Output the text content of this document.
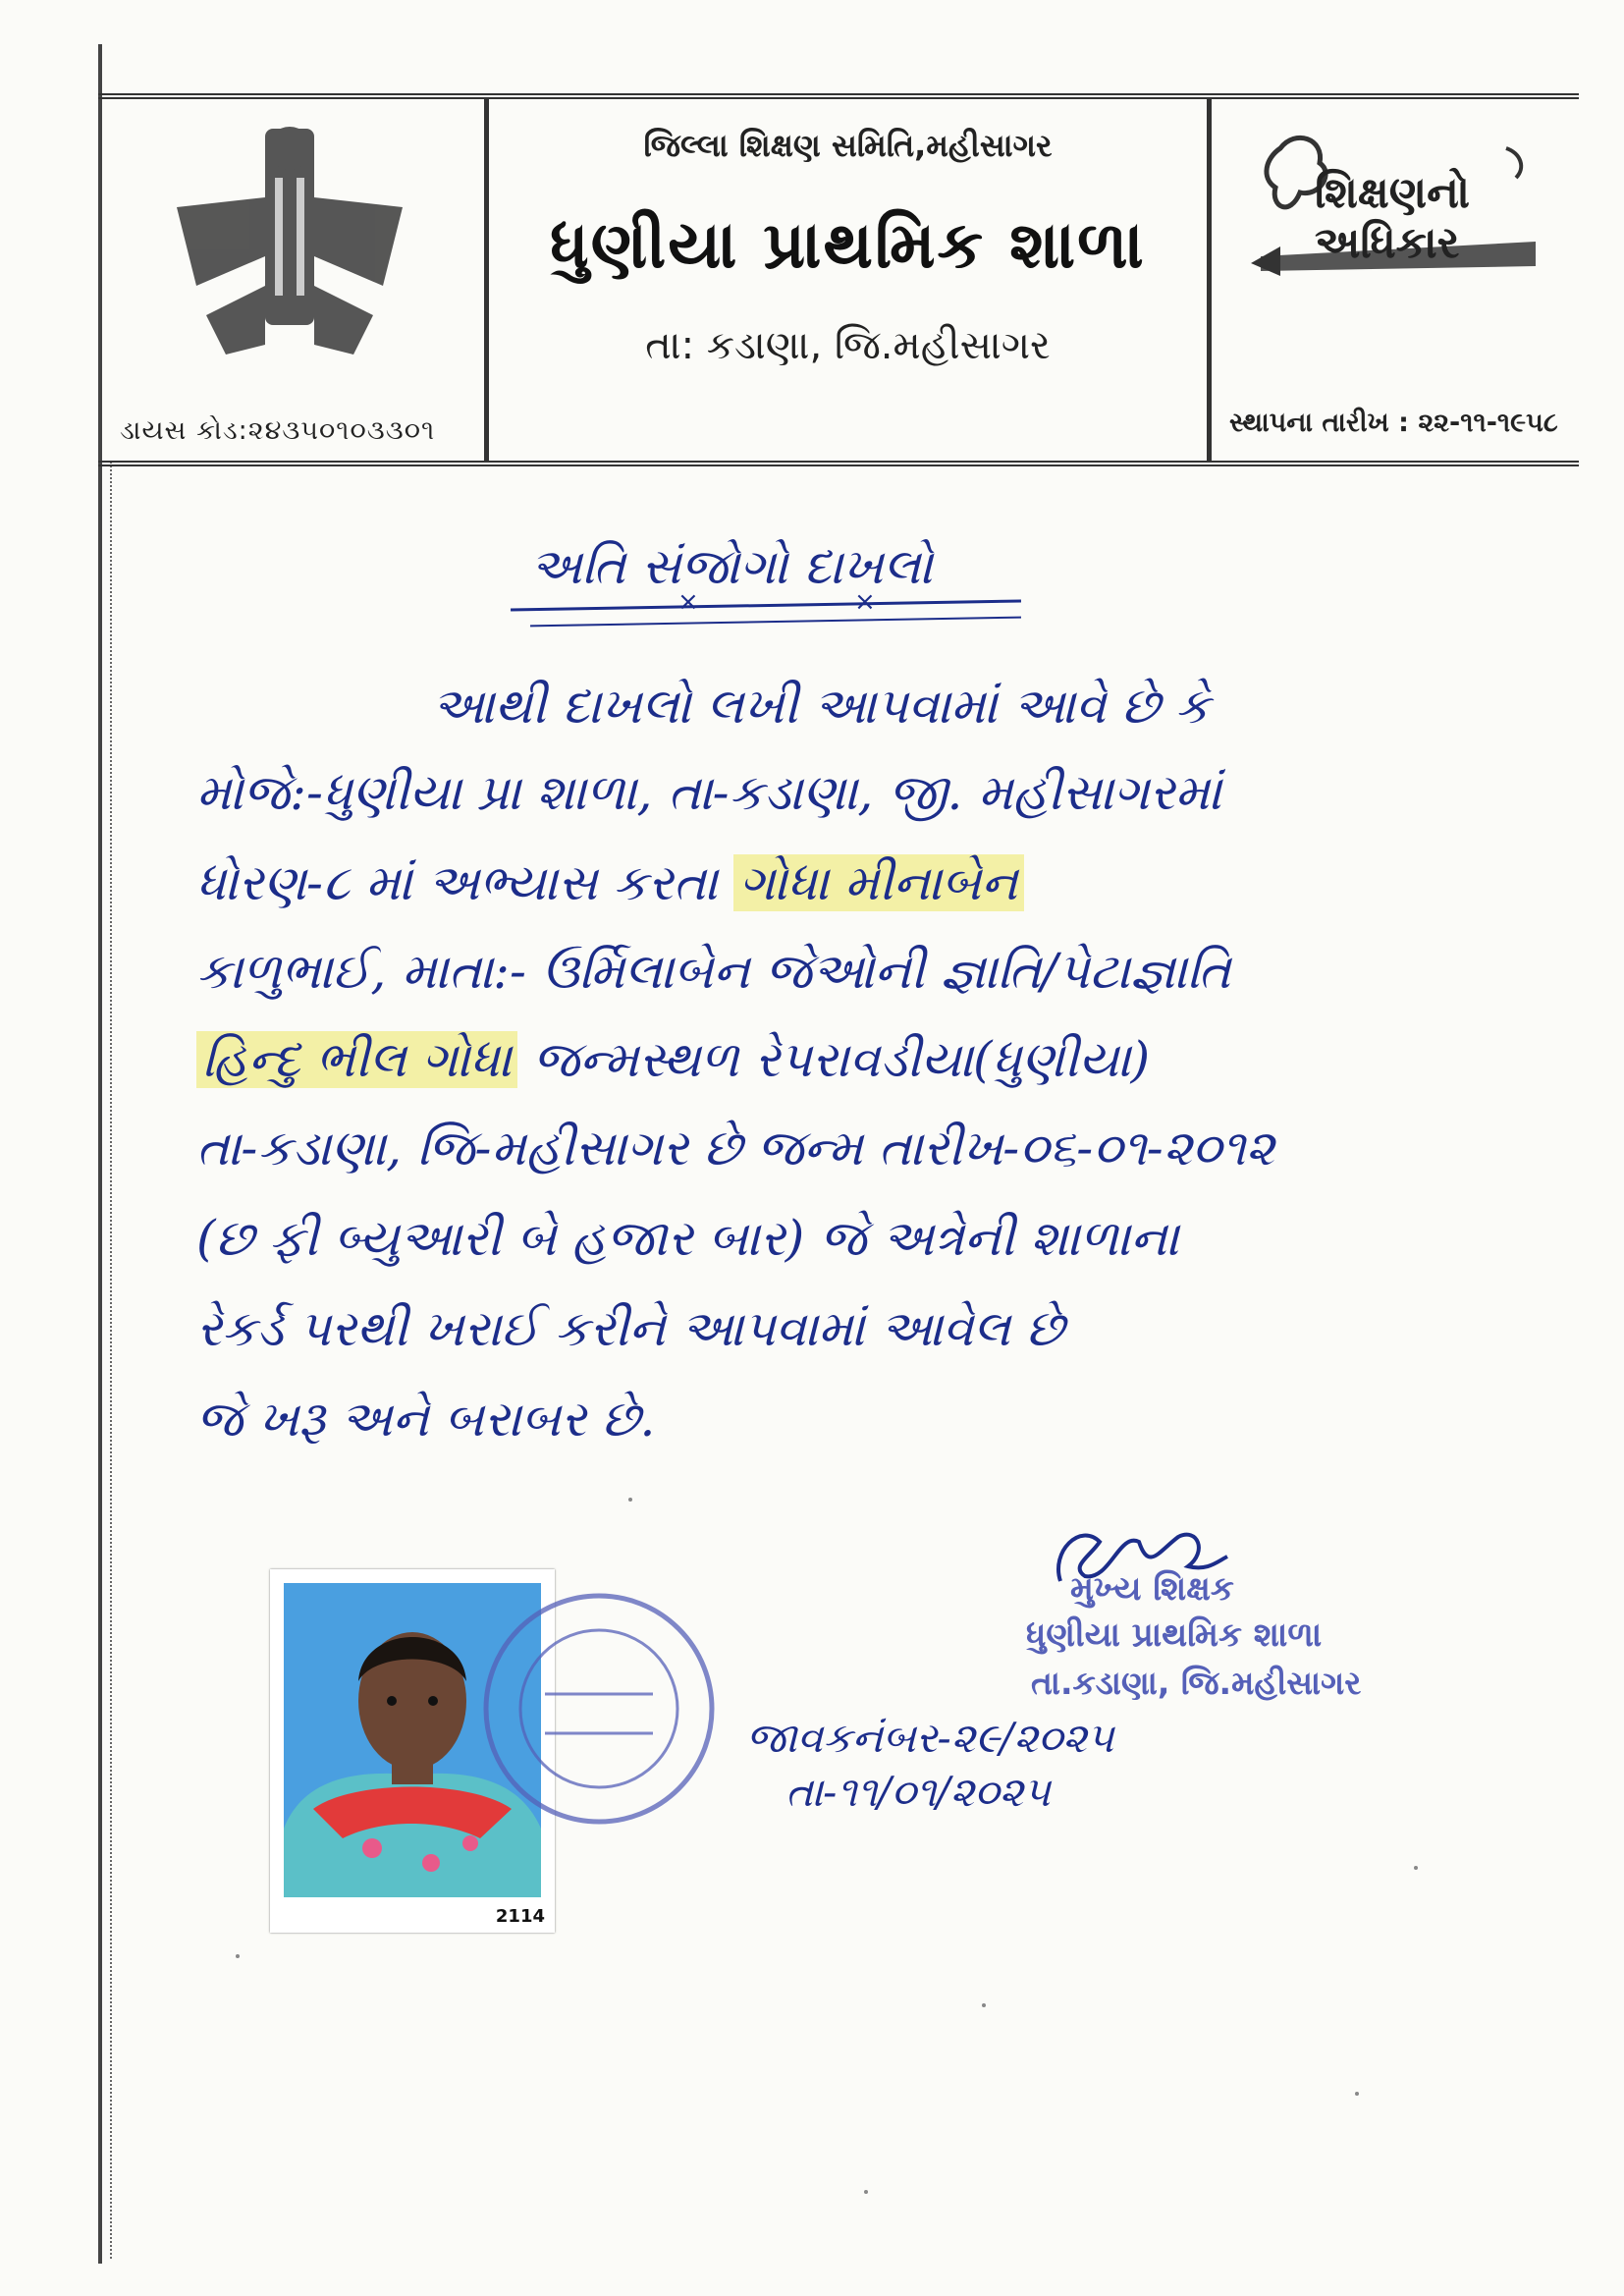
ડાયસ કોડ:૨૪૩૫૦૧૦૩૩૦૧
જિલ્લા શિક્ષણ સમિતિ,મહીસાગર
ધુણીયા પ્રાથમિક શાળા
તા: કડાણા, જિ.મહીસાગર
શિક્ષણનો અધિકાર
સ્થાપના તારીખ : ૨૨-૧૧-૧૯૫૮
અતિ સંજોગો દાખલો
×	×
આથી દાખલો લખી આપવામાં આવે છે કે
મોજે:-ધુણીયા પ્રા શાળા, તા-કડાણા, જી. મહીસાગરમાં
ધોરણ-૮ માં અભ્યાસ કરતા ગોધા મીનાબેન
કાળુભાઈ, માતા:- ઉર્મિલાબેન જેઓની જ્ઞાતિ/પેટાજ્ઞાતિ
હિન્દુ ભીલ ગોધા જન્મસ્થળ રેપરાવડીયા(ધુણીયા)
તા-કડાણા, જિ-મહીસાગર છે જન્મ તારીખ-૦૬-૦૧-૨૦૧૨
(છ ફી બ્યુઆરી બે હજાર બાર) જે અત્રેની શાળાના
રેકર્ડ પરથી ખરાઈ કરીને આપવામાં આવેલ છે
જે ખરૂ અને બરાબર છે.
મુખ્ય શિક્ષક
ધુણીયા પ્રાથમિક શાળા
તા.કડાણા, જિ.મહીસાગર
જાવકનંબર-૨૯/૨૦૨૫
તા-૧૧/૦૧/૨૦૨૫
2114
